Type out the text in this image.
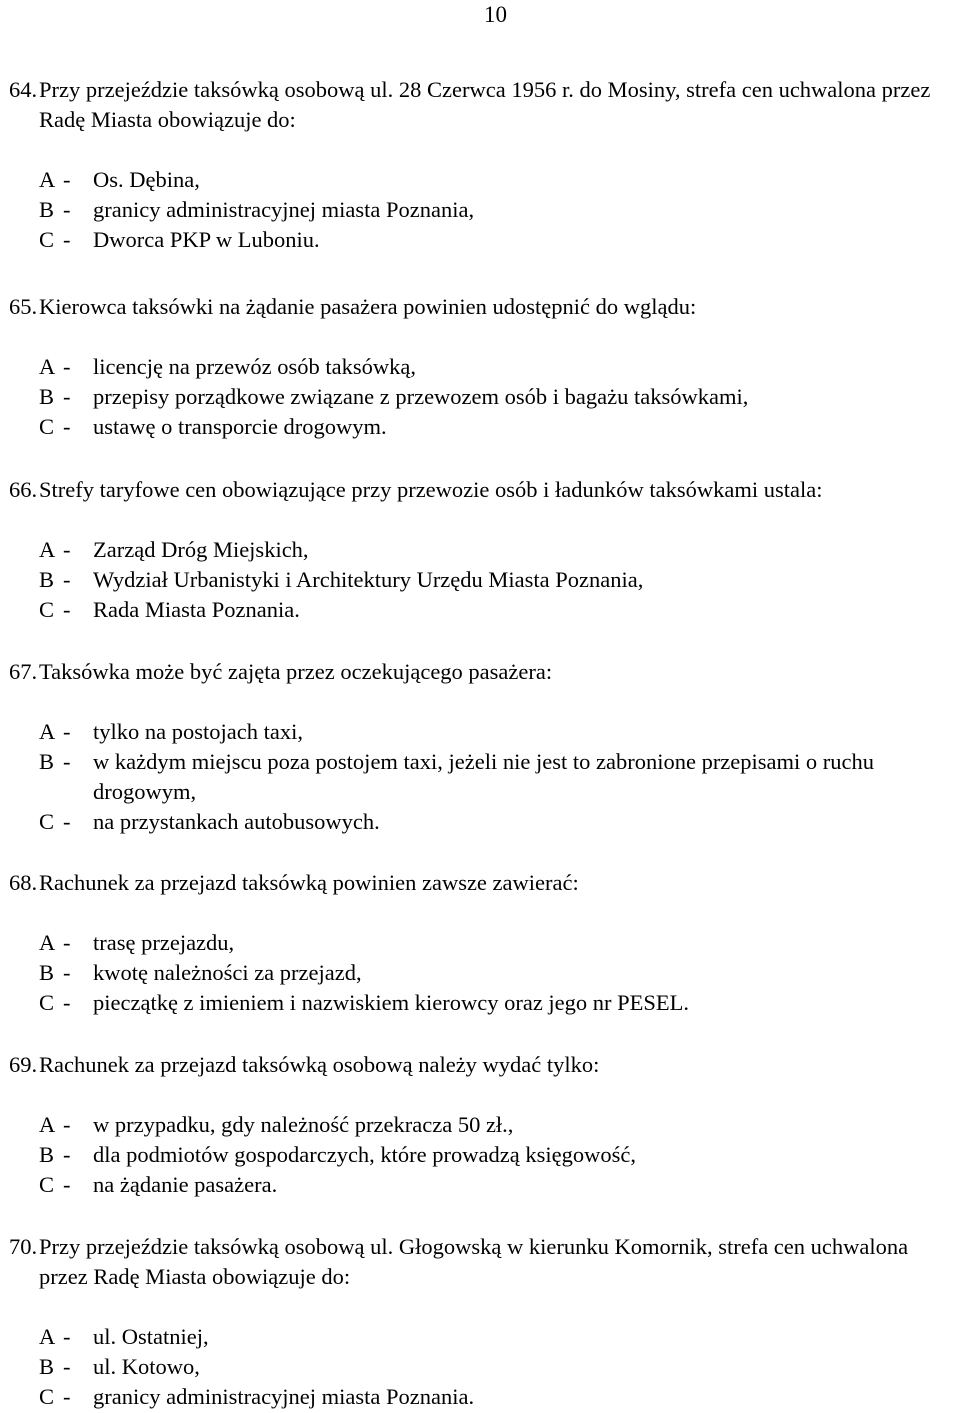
10
64. Przy przejeździe taksówką osobową ul. 28 Czerwca 1956 r. do Mosiny, strefa cen uchwalona przez Radę Miasta obowiązuje do:
A -	Os. Dębina,
B -	granicy administracyjnej miasta Poznania,
C -	Dworca PKP w Luboniu.
65. Kierowca taksówki na żądanie pasażera powinien udostępnić do wglądu:
A -	licencję na przewóz osób taksówką,
B -	przepisy porządkowe związane z przewozem osób i bagażu taksówkami,
C -	ustawę o transporcie drogowym.
66. Strefy taryfowe cen obowiązujące przy przewozie osób i ładunków taksówkami ustala:
A -	Zarząd Dróg Miejskich,
B -	Wydział Urbanistyki i Architektury Urzędu Miasta Poznania,
C -	Rada Miasta Poznania.
67. Taksówka może być zajęta przez oczekującego pasażera:
A -	tylko na postojach taxi,
B -	w każdym miejscu poza postojem taxi, jeżeli nie jest to zabronione przepisami o ruchu drogowym,
C -	na przystankach autobusowych.
68. Rachunek za przejazd taksówką powinien zawsze zawierać:
A -	trasę przejazdu,
B -	kwotę należności za przejazd,
C -	pieczątkę z imieniem i nazwiskiem kierowcy oraz jego nr PESEL.
69. Rachunek za przejazd taksówką osobową należy wydać tylko:
A -	w przypadku, gdy należność przekracza 50 zł.,
B -	dla podmiotów gospodarczych, które prowadzą księgowość,
C -	na żądanie pasażera.
70. Przy przejeździe taksówką osobową ul. Głogowską w kierunku Komornik, strefa cen uchwalona przez Radę Miasta obowiązuje do:
A -	ul. Ostatniej,
B -	ul. Kotowo,
C -	granicy administracyjnej miasta Poznania.
